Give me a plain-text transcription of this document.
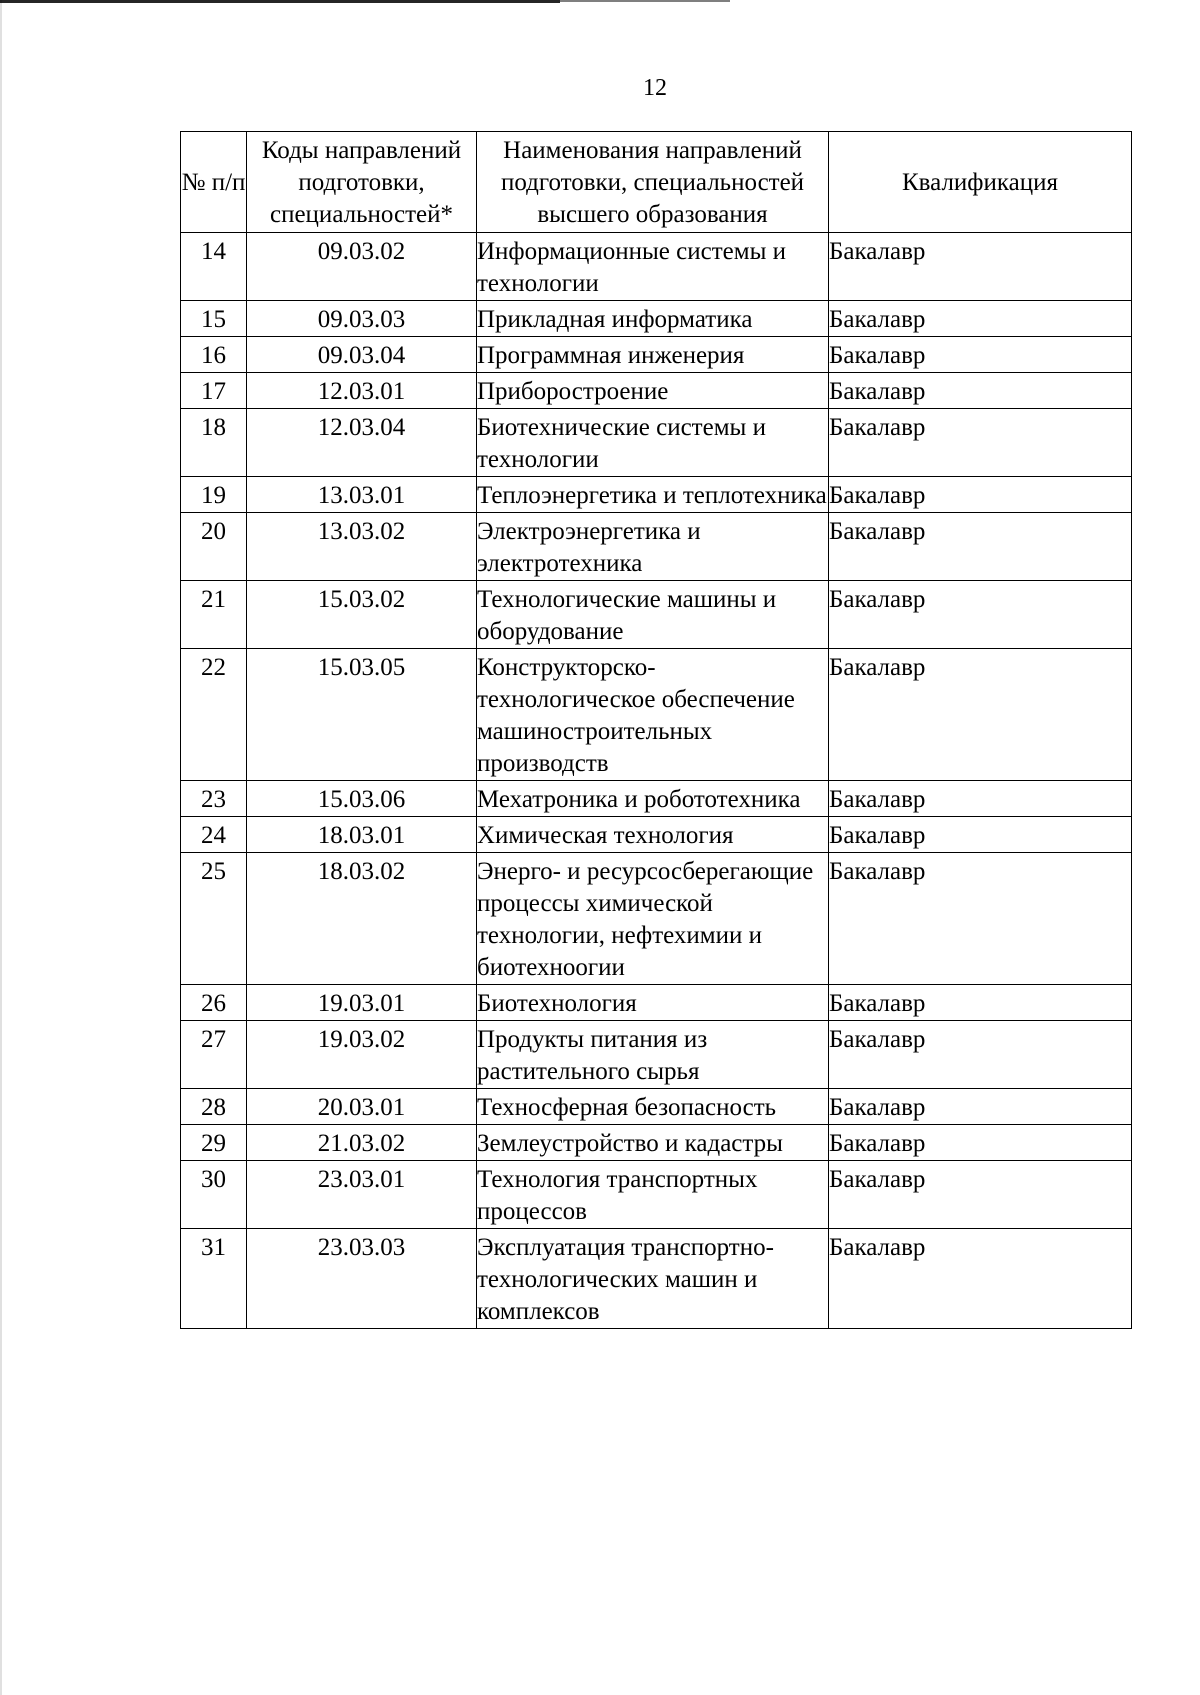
12
№ п/п	Коды направлений подготовки, специальностей*	Наименования направлений подготовки, специальностей высшего образования	Квалификация
14	09.03.02	Информационные системы и технологии	Бакалавр
15	09.03.03	Прикладная информатика	Бакалавр
16	09.03.04	Программная инженерия	Бакалавр
17	12.03.01	Приборостроение	Бакалавр
18	12.03.04	Биотехнические системы и технологии	Бакалавр
19	13.03.01	Теплоэнергетика и теплотехника	Бакалавр
20	13.03.02	Электроэнергетика и электротехника	Бакалавр
21	15.03.02	Технологические машины и оборудование	Бакалавр
22	15.03.05	Конструкторско-технологическое обеспечение машиностроительных производств	Бакалавр
23	15.03.06	Мехатроника и робототехника	Бакалавр
24	18.03.01	Химическая технология	Бакалавр
25	18.03.02	Энерго- и ресурсосберегающие процессы химической технологии, нефтехимии и биотехноогии	Бакалавр
26	19.03.01	Биотехнология	Бакалавр
27	19.03.02	Продукты питания из растительного сырья	Бакалавр
28	20.03.01	Техносферная безопасность	Бакалавр
29	21.03.02	Землеустройство и кадастры	Бакалавр
30	23.03.01	Технология транспортных процессов	Бакалавр
31	23.03.03	Эксплуатация транспортно-технологических машин и комплексов	Бакалавр
